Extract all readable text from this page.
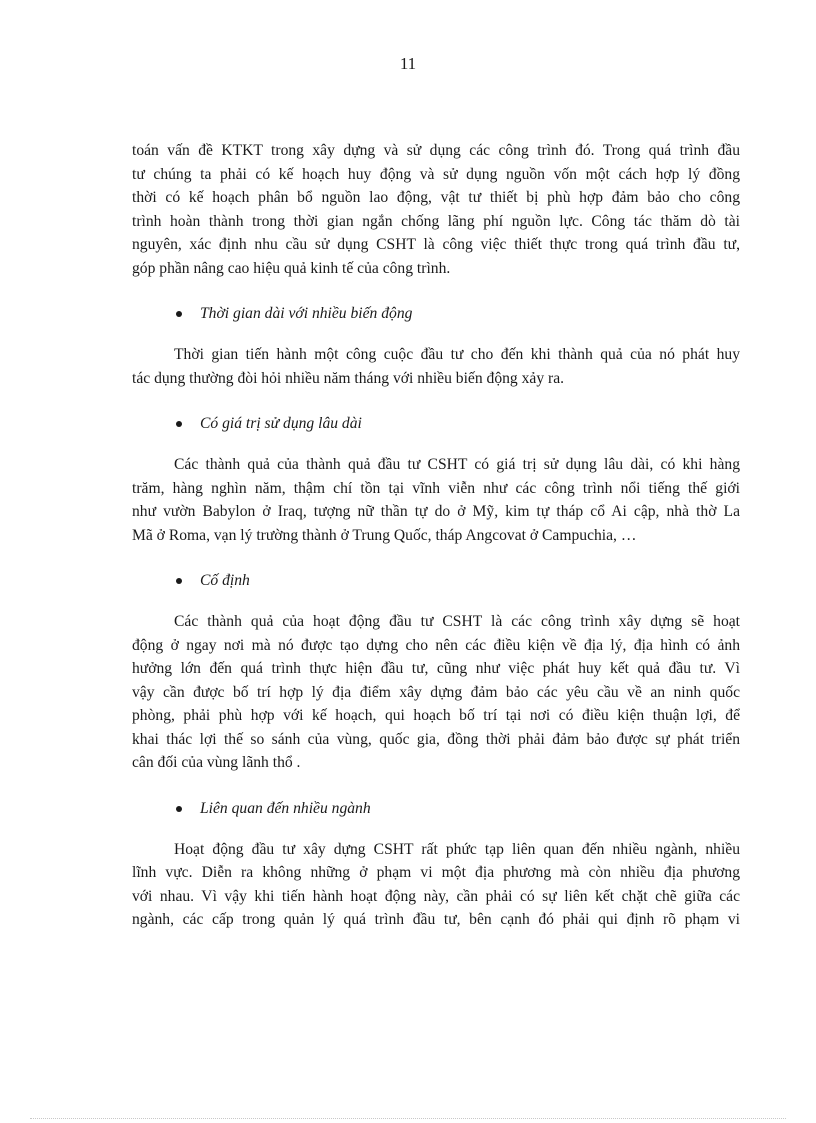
11
toán vấn đề KTKT trong xây dựng và sử dụng các công trình đó. Trong quá trình đầu
tư chúng ta phải có kế hoạch huy động và sử dụng nguồn vốn một cách hợp lý đồng
thời có kế hoạch phân bổ nguồn lao động, vật tư thiết bị phù hợp đảm bảo cho công
trình hoàn thành trong thời gian ngắn chống lãng phí nguồn lực. Công tác thăm dò tài
nguyên, xác định nhu cầu sử dụng CSHT là công việc thiết thực trong quá trình đầu tư,
góp phần nâng cao hiệu quả kinh tế của công trình.
Thời gian dài với nhiều biến động
Thời gian tiến hành một công cuộc đầu tư cho đến khi thành quả của nó phát huy
tác dụng thường đòi hỏi nhiều năm tháng với nhiều biến động xảy ra.
Có giá trị sử dụng lâu dài
Các thành quả của thành quả đầu tư CSHT có giá trị sử dụng lâu dài, có khi hàng
trăm, hàng nghìn năm, thậm chí tồn tại vĩnh viễn như các công trình nổi tiếng thế giới
như vườn Babylon ở Iraq, tượng nữ thần tự do ở Mỹ, kim tự tháp cổ Ai cập, nhà thờ La
Mã ở Roma, vạn lý trường thành ở Trung Quốc, tháp Angcovat ở Campuchia, …
Cố định
Các thành quả của hoạt động đầu tư CSHT là các công trình xây dựng sẽ hoạt
động ở ngay nơi mà nó được tạo dựng cho nên các điều kiện về địa lý, địa hình có ảnh
hưởng lớn đến quá trình thực hiện đầu tư, cũng như việc phát huy kết quả đầu tư. Vì
vậy cần được bố trí hợp lý địa điểm xây dựng đảm bảo các yêu cầu về an ninh quốc
phòng, phải phù hợp với kế hoạch, qui hoạch bố trí tại nơi có điều kiện thuận lợi, để
khai thác lợi thế so sánh của vùng, quốc gia, đồng thời phải đảm bảo được sự phát triển
cân đối của vùng lãnh thổ .
Liên quan đến nhiều ngành
Hoạt động đầu tư xây dựng CSHT rất phức tạp liên quan đến nhiều ngành, nhiều
lĩnh vực. Diễn ra không những ở phạm vi một địa phương mà còn nhiều địa phương
với nhau. Vì vậy khi tiến hành hoạt động này, cần phải có sự liên kết chặt chẽ giữa các
ngành, các cấp trong quản lý quá trình đầu tư, bên cạnh đó phải qui định rõ phạm vi
